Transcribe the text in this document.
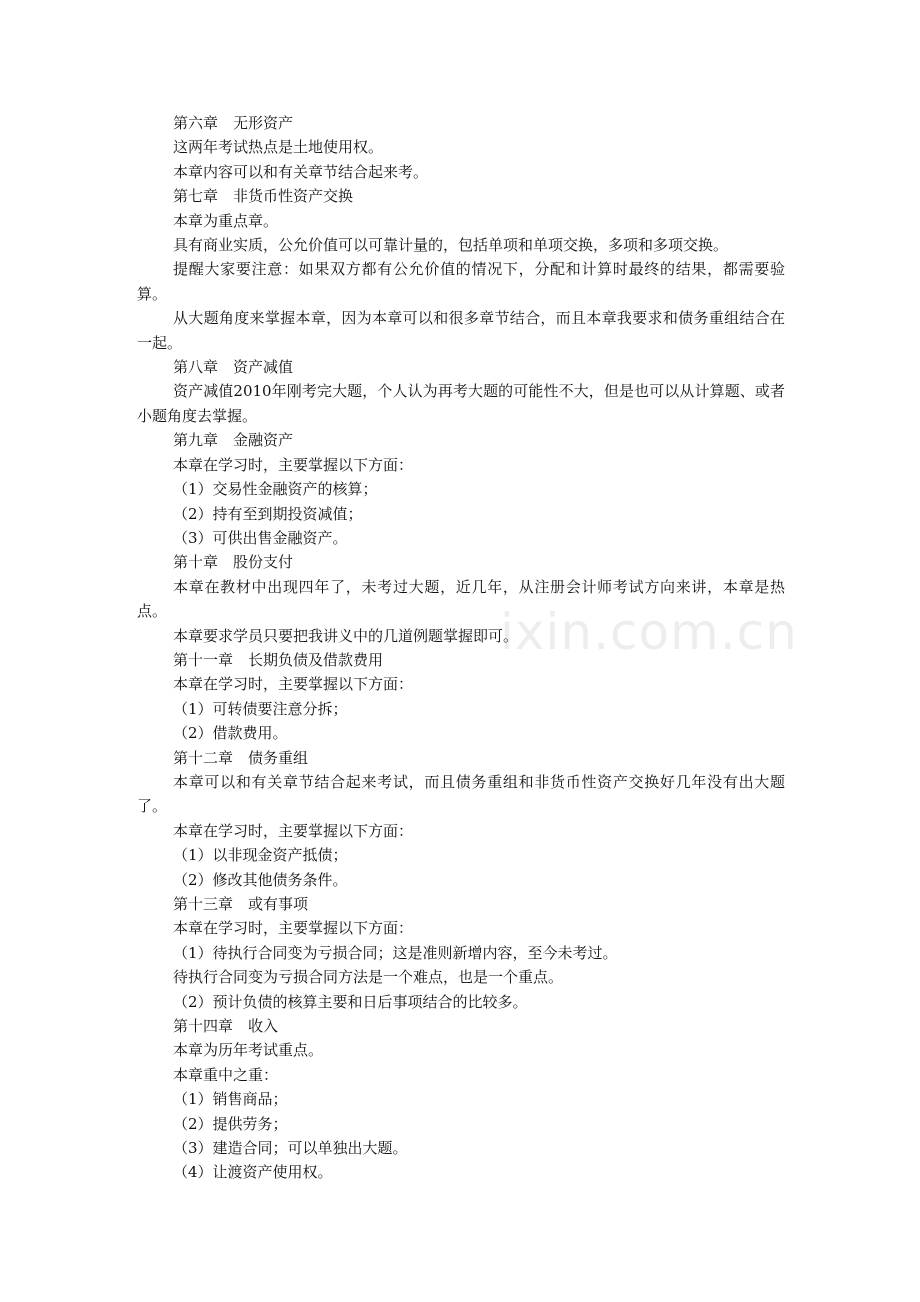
ixin.com.cn

第六章　无形资产

这两年考试热点是土地使用权。

本章内容可以和有关章节结合起来考。

第七章　非货币性资产交换

本章为重点章。

具有商业实质，公允价值可以可靠计量的，包括单项和单项交换，多项和多项交换。

提醒大家要注意：如果双方都有公允价值的情况下，分配和计算时最终的结果，都需要验算。

从大题角度来掌握本章，因为本章可以和很多章节结合，而且本章我要求和债务重组结合在一起。

第八章　资产减值

资产减值2010年刚考完大题，个人认为再考大题的可能性不大，但是也可以从计算题、或者小题角度去掌握。

第九章　金融资产

本章在学习时，主要掌握以下方面：

（1）交易性金融资产的核算；

（2）持有至到期投资减值；

（3）可供出售金融资产。

第十章　股份支付

本章在教材中出现四年了，未考过大题，近几年，从注册会计师考试方向来讲，本章是热点。

本章要求学员只要把我讲义中的几道例题掌握即可。

第十一章　长期负债及借款费用

本章在学习时，主要掌握以下方面：

（1）可转债要注意分拆；

（2）借款费用。

第十二章　债务重组

本章可以和有关章节结合起来考试，而且债务重组和非货币性资产交换好几年没有出大题了。

本章在学习时，主要掌握以下方面：

（1）以非现金资产抵债；

（2）修改其他债务条件。

第十三章　或有事项

本章在学习时，主要掌握以下方面：

（1）待执行合同变为亏损合同；这是准则新增内容，至今未考过。

待执行合同变为亏损合同方法是一个难点，也是一个重点。

（2）预计负债的核算主要和日后事项结合的比较多。

第十四章　收入

本章为历年考试重点。

本章重中之重：

（1）销售商品；

（2）提供劳务；

（3）建造合同；可以单独出大题。

（4）让渡资产使用权。
